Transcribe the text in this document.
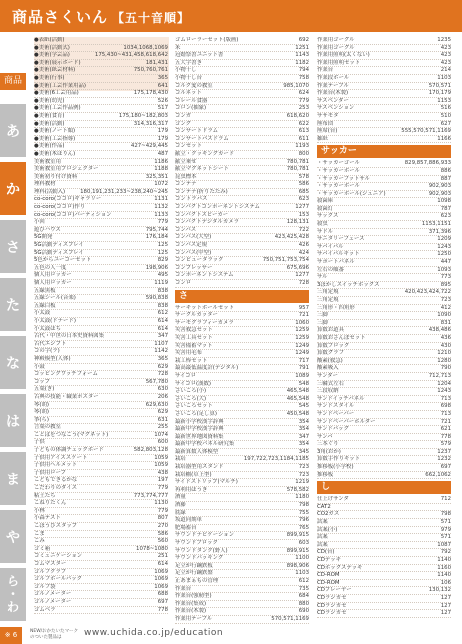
商品さくいん 【五十音順】
商品
あ
か
さ
た
な
は
ま
や
ら
・
わ
●表紙(活動)
●美術(活動式)	1034,1068,1069
●美術(学芸品)	175,430~431,458,618,642
●美術(展示ボード)	181,431
●美術(紙芸材料)	750,760,761
●美術(行事)	365
●美術(工芸作業用品)	641
●美術(6工芸用品)	175,178,430
●美術(幼児)	526
●美術(工芸作品例)	517
●美術(食育)	175,180~182,803
●美術(活動)	314,316,317
●美術(ノート類)	179
●美術(工芸指導)	179
●美術(作品)	427~429,445
●美術(木ほりん)	487
美術教室用	1186
美術教室用プロジェクター	1188
美術初り付け資料	325,351
理科教材	1072
理科(活動入)	180,191,231,233~238,240~245
co-coro(ココロ)ギャラリー	1131
co-coro(ココロ)作り	1132
co-coro(ココロ)パーティション	1133
小回	779
遊びハウス	795,744
5G開発	176,184
5G活動ディスプレイ	125
5G活動ディスプレイ	125
5色からユーコーセット	829
五色の人一度	198,906
個人用ロッカー	495
個人用ロッカー	1119
五線黒板	838
五線シール(音楽)	590,838
五線白板	838
小太鼓	612
小太鼓(ドナード)	614
小太鼓ほち	614
古代・中世の日本史資料図集	347
古代エジプト	1107
コの字(ラ)	1142
神殿模型(人体)	365
小鼓	629
コッピングワッチフォーム	728
コップ	567,780
五葉(ぎ)	630
古典の技能・職業ポスター	206
琴(胡)	629,630
琴(胡)	629
箏(ら)	631
言葉の教室	255
ことばをつなごう(マグネット)	1074
子供	600
子どもの体調チェックボード	582,803,128
子供用アイススケート	1059
子供用へルメット	1059
子供用ロープ	438
こどもできるかな	197
こだわりのダイス	779
粘土たち	773,774,777
こねりたくん	1130
小林	779
小森テスト	807
こぼうびスタップ	270
こま	586
ごみ	560
ゴミ箱	1078~1080
コミュニケーション	251
コムマスター	614
ゴルフクラブ	1069
ゴルフボールパック	1069
ゴルフ袋	1069
ゴルノメーター	688
ゴルノメーター	697
ゴムベラ	778
ゴムローラーセット(版画)	692
米	1251
冠婚祭書ユニット書	1143
五大字書き	1182
小物干し	794
小物干し台	758
コルク愛の教室	985,1070
コルネット	624
コレール食器	779
コロン(抽象)	253
コンガ	618,620
ゴング	622
コンサートドラム	613
コンサートバスドラム	611
コンセット	1193
献立・クッキングカード	800
献立乗せ	780,781
献立マグネットシート	780,781
昆虫標本	578
コンテナ	586
コンテナ(折りたたみ)	685
コントラバス	623
コンパクトコンポーネントシステム	1277
コンパクトスピーカー	153
コンパクトデジタルカメラ	128,131
コンパス	722
コンパス(大型)	423,425,428
コンパス定規	426
コンパス(中型)	424
コンピュータラック	750,751,753,754
コンプレッサー	675,696
コンポーネントシステム	1277
コンロ	728
さ
サーキットボールセット	957
サークルカッター	721
サーモグラフィーカメラ	1060
災害救急セット	1259
災害工具セット	1259
災害備蓄マット	1249
災害用毛布	1249
栽工棒セット	717
最高最低温度計(デジタル)	791
サイコロ	1089
サイコロ(漢数)	548
さいころ(小)	465,548
さいころ(大)	465,548
さいころセット	545
さいころ(足し算)	450,548
最新小学校漢字辞典	354
最新中学校漢字辞典	354
最新世界地図資料集	347
最新中学校パネル研究集	354
最新算数人体模型	345
栽培	197,722,723,1184,1185
栽培器型用スタンド	723
栽培棚(卓上型)	723
サイドストリップ(マルチ)	1219
再利用ほうき	578,582
酒量	1180
酒藤	798
底緑	755
坂道同期車	796
肥場蓄台	765
サウンドナビゲーション	899,915
サウンドブロック	603
サウンドタンク(野人)	899,915
サウンドパッキング	1100
足立が行鋼鉄板	898,906
足立が行鋼鉄盤	1103
正あまぁもの管理	612
作業台	735
作業台(強靭型)	684
作業台(集成)	880
作業台(木製)	690
作業用テーブル	570,571,1169
作業用ゴーグル	1235
作業用ゴーグル	423
作業用照明(太くない)	423
作業用照明セット	423
作業台	214
作業段ボール	1103
作業テーブル	570,571
作業台(木製)	170,179
サスペンダー	1153
サスペンション	516
ササモタ	510
座布団	627
座席(台)	555,570,571,1169
雑紙	1166
サッカー
・サッカーゴール	829,857,886,933
・サッカーボール	886
・サッカーフットサル	887
・サッカーボール	902,903
・サッカーボール(ジュニア)	902,903
殺菌庫	1098
殺菌灯	787
サックス	623
殺虫	1153,1151
サドル	371,396
サニタリーフェース	1209
サバイバル	1243
サバイバルキット	1250
サポートパネル	447
左右の順番	1093
サル	773
3ぼかしスイッチボックス	895
三角定規	420,423,424,722
三角定規	723
三角形・四角形	412
三脚	1090
三脚	831
算数お道具	438,486
算数おさんぽセット	436
算数ブロック	430
算数グラフ	1210
酸素(救急)	1280
酸素吸入	790
サンダー	712,713
三輪式左右	1204
三段収納	1243
サンドイッチパネル	713
サンドスタイル	698
サンドペーパー	713
サンドペーパーホルダー	721
サンドバッグ	621
サンバ	778
三本ぐり	579
3角(おか)	1237
算数手作りキット	1232
推移板(小学校)	697
推移板	662,1062
し
仕上げサンダ	712
CAT2
CO2ガス	798
試案	571
試案(小)	979
試案	571
試案	1087
CD(台)	792
CDデッキ	1140
CDボックスデッキ	1160
CD-ROM	1140
CD-ROM	106
CDプレーヤー	130,132
CDラジカセ	127
CDラジカセ	127
CDラジカセ	127
※ 6	NEW/おかたいたマークのついた製品は	www.uchida.co.jp/education
